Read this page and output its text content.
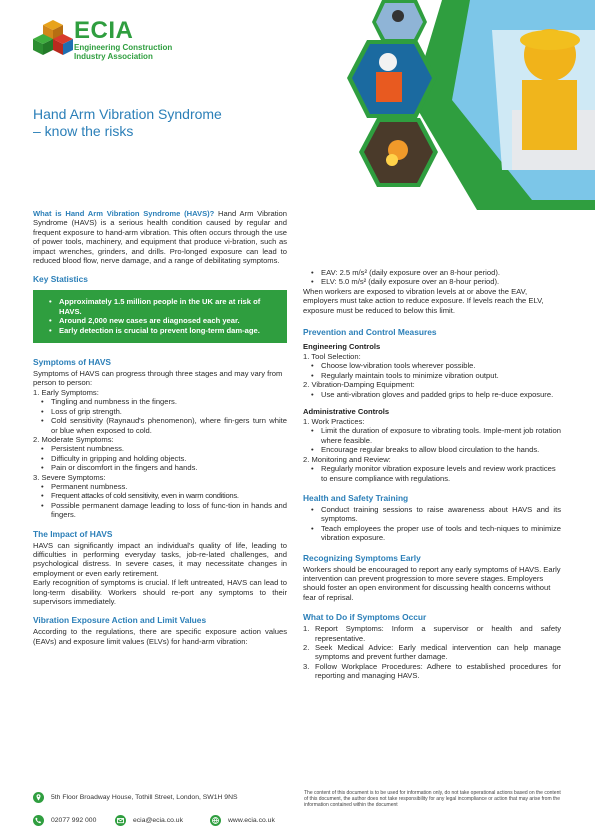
ECIA
Engineering Construction
Industry Association
Hand Arm Vibration Syndrome
– know the risks

What is Hand Arm Vibration Syndrome (HAVS)? Hand Arm Vibration Syndrome (HAVS) is a serious health condition caused by regular and frequent exposure to hand-arm vibration. This often occurs through the use of power tools, machinery, and equipment that produce vi-bration, such as impact wrenches, grinders, and drills. Pro-longed exposure can lead to reduced blood flow, nerve damage, and a range of debilitating symptoms.

Key Statistics
• Approximately 1.5 million people in the UK are at risk of HAVS.
• Around 2,000 new cases are diagnosed each year.
• Early detection is crucial to prevent long-term dam-age.
Symptoms of HAVS

Symptoms of HAVS can progress through three stages and may vary from person to person:

1. Early Symptoms:

• Tingling and numbness in the fingers.
• Loss of grip strength.
• Cold sensitivity (Raynaud's phenomenon), where fin-gers turn white or blue when exposed to cold.

2. Moderate Symptoms:

• Persistent numbness.
• Difficulty in gripping and holding objects.
• Pain or discomfort in the fingers and hands.

3. Severe Symptoms:

• Permanent numbness.
• Frequent attacks of cold sensitivity, even in warm conditions.
• Possible permanent damage leading to loss of func-tion in hands and fingers.
The Impact of HAVS

HAVS can significantly impact an individual's quality of life, leading to difficulties in performing everyday tasks, job-re-lated challenges, and psychological distress. In severe cases, it may necessitate changes in employment or even early retirement.

Early recognition of symptoms is crucial. If left untreated, HAVS can lead to long-term disability. Workers should re-port any symptoms to their supervisors immediately.

Vibration Exposure Action and Limit Values

According to the regulations, there are specific exposure action values (EAVs) and exposure limit values (ELVs) for hand-arm vibration:

• EAV: 2.5 m/s² (daily exposure over an 8-hour period).
• ELV: 5.0 m/s² (daily exposure over an 8-hour period).

When workers are exposed to vibration levels at or above the EAV, employers must take action to reduce exposure. If levels reach the ELV, exposure must be reduced to below this limit.

Prevention and Control Measures
Engineering Controls

1. Tool Selection:

• Choose low-vibration tools wherever possible.
• Regularly maintain tools to minimize vibration output.

2. Vibration-Damping Equipment:

• Use anti-vibration gloves and padded grips to help re-duce exposure.
Administrative Controls

1. Work Practices:

• Limit the duration of exposure to vibrating tools. Imple-ment job rotation where feasible.
• Encourage regular breaks to allow blood circulation to the hands.

2. Monitoring and Review:

• Regularly monitor vibration exposure levels and review work practices to ensure compliance with regulations.
Health and Safety Training
• Conduct training sessions to raise awareness about HAVS and its symptoms.
• Teach employees the proper use of tools and tech-niques to minimize vibration exposure.
Recognizing Symptoms Early

Workers should be encouraged to report any early symptoms of HAVS. Early intervention can prevent progression to more severe stages. Employers should foster an open environment for discussing health concerns without fear of reprisal.

What to Do if Symptoms Occur
1. Report Symptoms: Inform a supervisor or health and safety representative.
2. Seek Medical Advice: Early medical intervention can help manage symptoms and prevent further damage.
3. Follow Workplace Procedures: Adhere to established procedures for reporting and managing HAVS.
5th Floor Broadway House, Tothill Street, London, SW1H 9NS
02077 992 000	ecia@ecia.co.uk	www.ecia.co.uk
The content of this document is to be used for information only, do not take operational actions based on the content of this document, the author does not take responsibility for any legal incompliance or action that may arise from the information contained within the document
